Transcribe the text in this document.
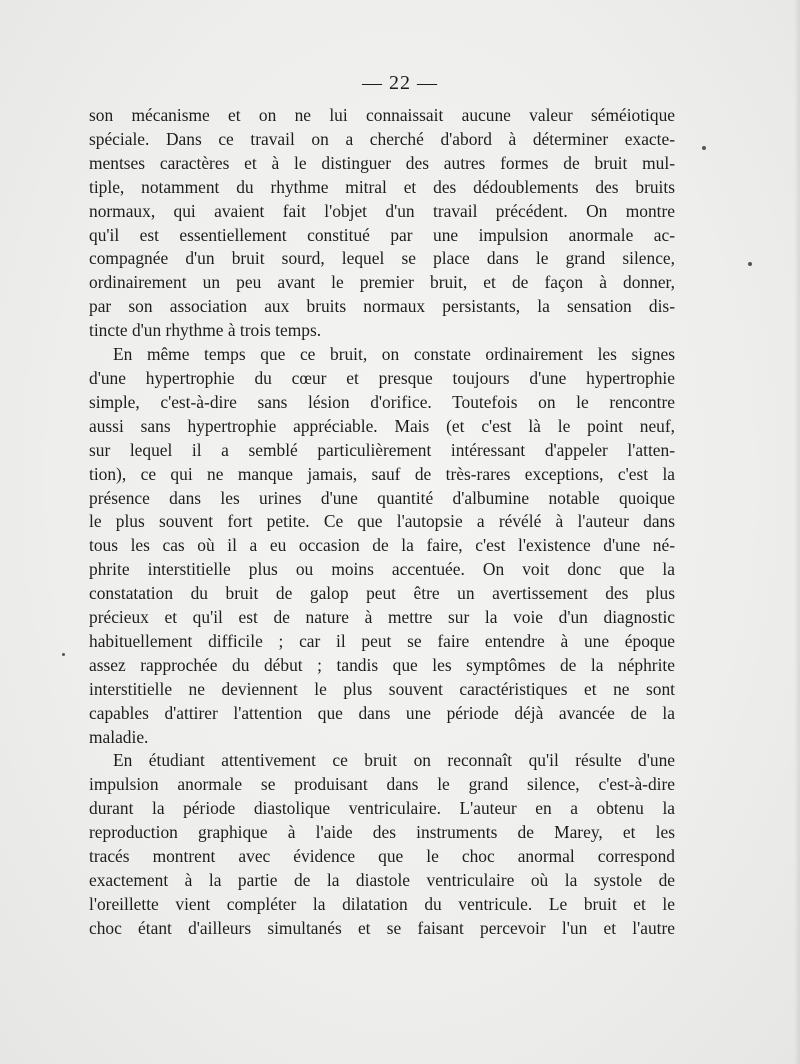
— 22 —
son mécanisme et on ne lui connaissait aucune valeur séméiotique
spéciale. Dans ce travail on a cherché d'abord à déterminer exacte-
mentses caractères et à le distinguer des autres formes de bruit mul-
tiple, notamment du rhythme mitral et des dédoublements des bruits
normaux, qui avaient fait l'objet d'un travail précédent. On montre
qu'il est essentiellement constitué par une impulsion anormale ac-
compagnée d'un bruit sourd, lequel se place dans le grand silence,
ordinairement un peu avant le premier bruit, et de façon à donner,
par son association aux bruits normaux persistants, la sensation dis-
tincte d'un rhythme à trois temps.
En même temps que ce bruit, on constate ordinairement les signes
d'une hypertrophie du cœur et presque toujours d'une hypertrophie
simple, c'est-à-dire sans lésion d'orifice. Toutefois on le rencontre
aussi sans hypertrophie appréciable. Mais (et c'est là le point neuf,
sur lequel il a semblé particulièrement intéressant d'appeler l'atten-
tion), ce qui ne manque jamais, sauf de très-rares exceptions, c'est la
présence dans les urines d'une quantité d'albumine notable quoique
le plus souvent fort petite. Ce que l'autopsie a révélé à l'auteur dans
tous les cas où il a eu occasion de la faire, c'est l'existence d'une né-
phrite interstitielle plus ou moins accentuée. On voit donc que la
constatation du bruit de galop peut être un avertissement des plus
précieux et qu'il est de nature à mettre sur la voie d'un diagnostic
habituellement difficile ; car il peut se faire entendre à une époque
assez rapprochée du début ; tandis que les symptômes de la néphrite
interstitielle ne deviennent le plus souvent caractéristiques et ne sont
capables d'attirer l'attention que dans une période déjà avancée de la
maladie.
En étudiant attentivement ce bruit on reconnaît qu'il résulte d'une
impulsion anormale se produisant dans le grand silence, c'est-à-dire
durant la période diastolique ventriculaire. L'auteur en a obtenu la
reproduction graphique à l'aide des instruments de Marey, et les
tracés montrent avec évidence que le choc anormal correspond
exactement à la partie de la diastole ventriculaire où la systole de
l'oreillette vient compléter la dilatation du ventricule. Le bruit et le
choc étant d'ailleurs simultanés et se faisant percevoir l'un et l'autre
